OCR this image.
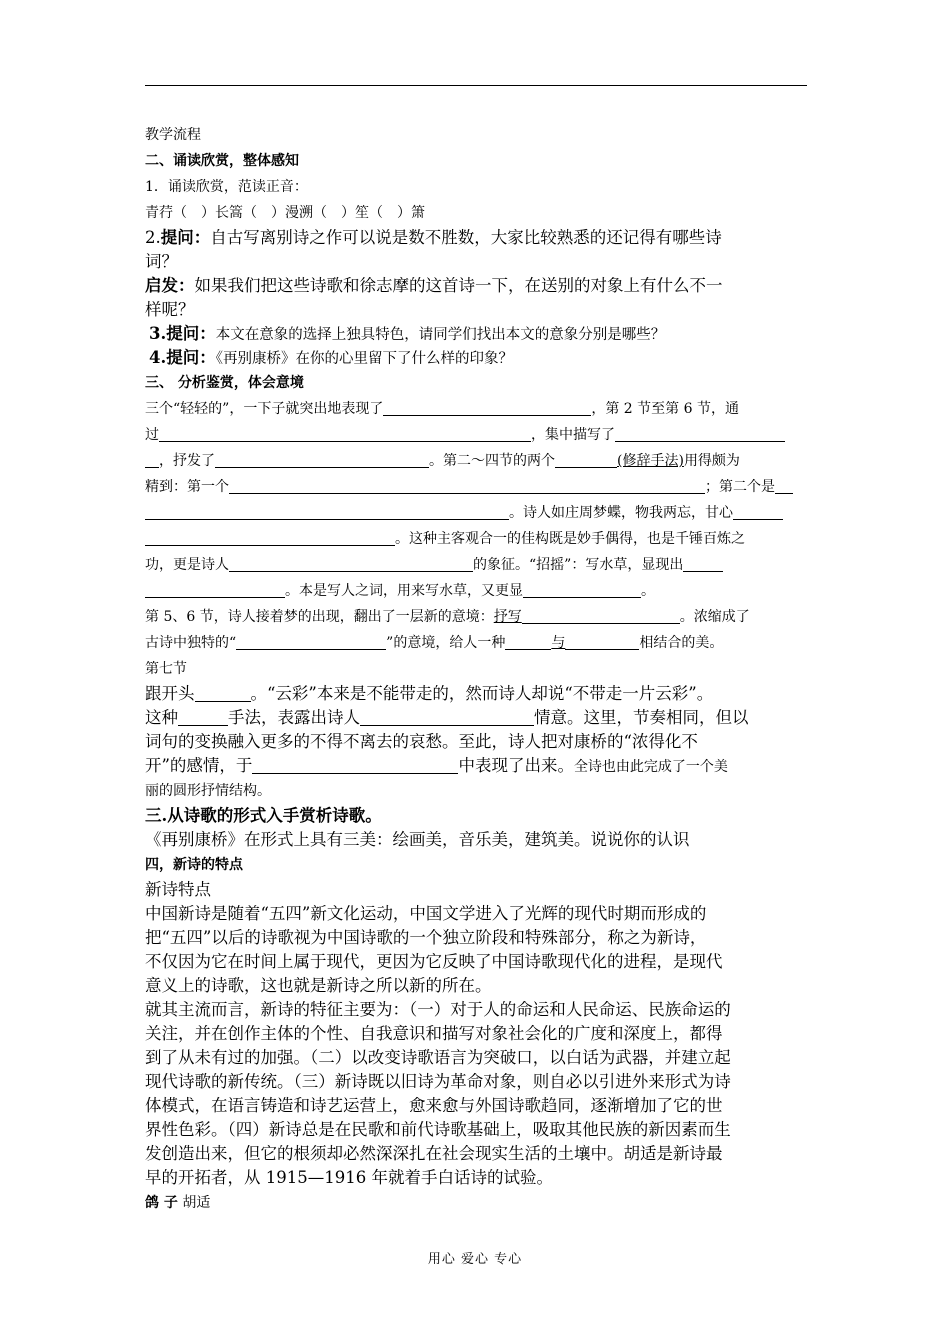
教学流程
二、诵读欣赏，整体感知
1．诵读欣赏，范读正音：
青荇（　）长篙（　）漫溯（　）笙（　）箫
2.提问：自古写离别诗之作可以说是数不胜数，大家比较熟悉的还记得有哪些诗
词？
启发：如果我们把这些诗歌和徐志摩的这首诗一下，在送别的对象上有什么不一
样呢？
3.提问：本文在意象的选择上独具特色，请同学们找出本文的意象分别是哪些？
4.提问：《再别康桥》在你的心里留下了什么样的印象？
三、 分析鉴赏，体会意境
三个“轻轻的”，一下子就突出地表现了	，第 2 节至第 6 节，通
过	，集中描写了
，抒发了	。第二～四节的两个	(修辞手法)用得颇为
精到：第一个	；第二个是
。诗人如庄周梦蝶，物我两忘，甘心
。这种主客观合一的佳构既是妙手偶得，也是千锤百炼之
功，更是诗人	的象征。“招摇”：写水草，显现出
。本是写人之词，用来写水草，又更显	。
第 5、6 节，诗人接着梦的出现，翻出了一层新的意境：抒写	。浓缩成了
古诗中独特的“	”的意境，给人一种	与	相结合的美。
第七节
跟开头	。“云彩”本来是不能带走的，然而诗人却说“不带走一片云彩”。
这种	手法，表露出诗人	情意。这里，节奏相同，但以
词句的变换融入更多的不得不离去的哀愁。至此，诗人把对康桥的“浓得化不
开”的感情，于	中表现了出来。全诗也由此完成了一个美
丽的圆形抒情结构。
三.从诗歌的形式入手赏析诗歌。
《再别康桥》在形式上具有三美：绘画美，音乐美，建筑美。说说你的认识
四，新诗的特点
新诗特点
中国新诗是随着“五四”新文化运动，中国文学进入了光辉的现代时期而形成的
把“五四”以后的诗歌视为中国诗歌的一个独立阶段和特殊部分，称之为新诗，
不仅因为它在时间上属于现代，更因为它反映了中国诗歌现代化的进程，是现代
意义上的诗歌，这也就是新诗之所以新的所在。
就其主流而言，新诗的特征主要为：（一）对于人的命运和人民命运、民族命运的
关注，并在创作主体的个性、自我意识和描写对象社会化的广度和深度上，都得
到了从未有过的加强。（二）以改变诗歌语言为突破口，以白话为武器，并建立起
现代诗歌的新传统。（三）新诗既以旧诗为革命对象，则自必以引进外来形式为诗
体模式，在语言铸造和诗艺运营上，愈来愈与外国诗歌趋同，逐渐增加了它的世
界性色彩。（四）新诗总是在民歌和前代诗歌基础上，吸取其他民族的新因素而生
发创造出来，但它的根须却必然深深扎在社会现实生活的土壤中。胡适是新诗最
早的开拓者，从 1915—1916 年就着手白话诗的试验。
鸽 子 胡适
用心 爱心 专心
